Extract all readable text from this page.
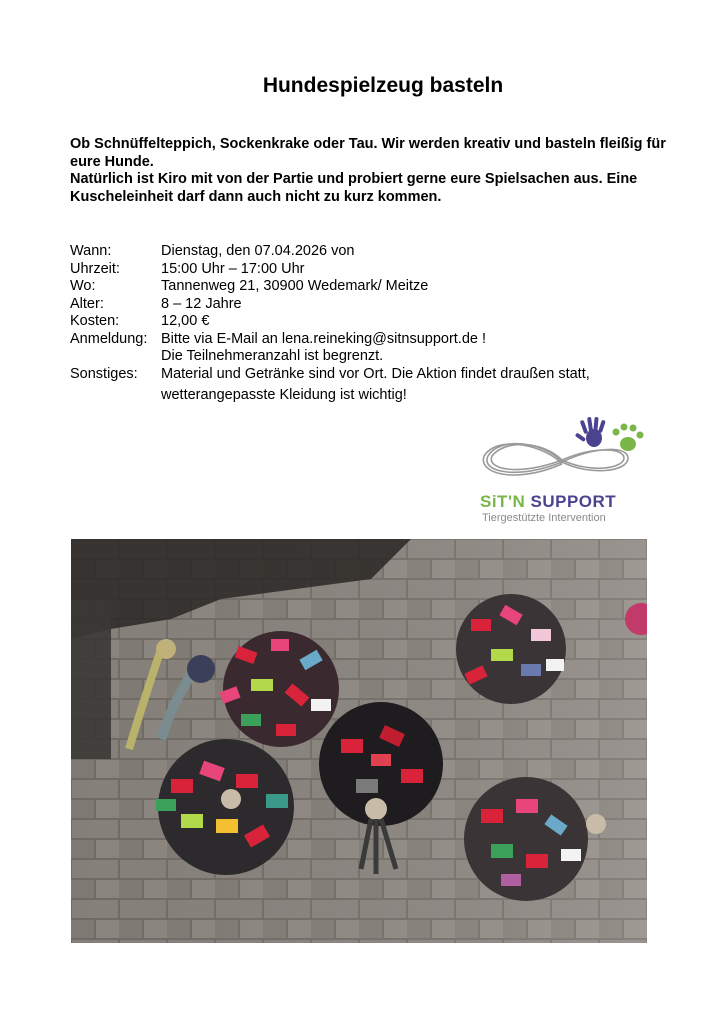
Hundespielzeug basteln

Ob Schnüffelteppich, Sockenkrake oder Tau. Wir werden kreativ und basteln fleißig für eure Hunde.

Natürlich ist Kiro mit von der Partie und probiert gerne eure Spielsachen aus. Eine Kuscheleinheit darf dann auch nicht zu kurz kommen.

Wann:	Dienstag, den 07.04.2026 von
Uhrzeit:	15:00 Uhr – 17:00 Uhr
Wo:	Tannenweg 21, 30900 Wedemark/ Meitze
Alter:	8 – 12 Jahre
Kosten:	12,00 €
Anmeldung: Bitte via E-Mail an lena.reineking@sitnsupport.de !
Die Teilnehmeranzahl ist begrenzt.
Sonstiges:	Material und Getränke sind vor Ort. Die Aktion findet draußen statt,
wetterangepasste Kleidung ist wichtig!
SiT'N SUPPORT
Tiergestützte Intervention
